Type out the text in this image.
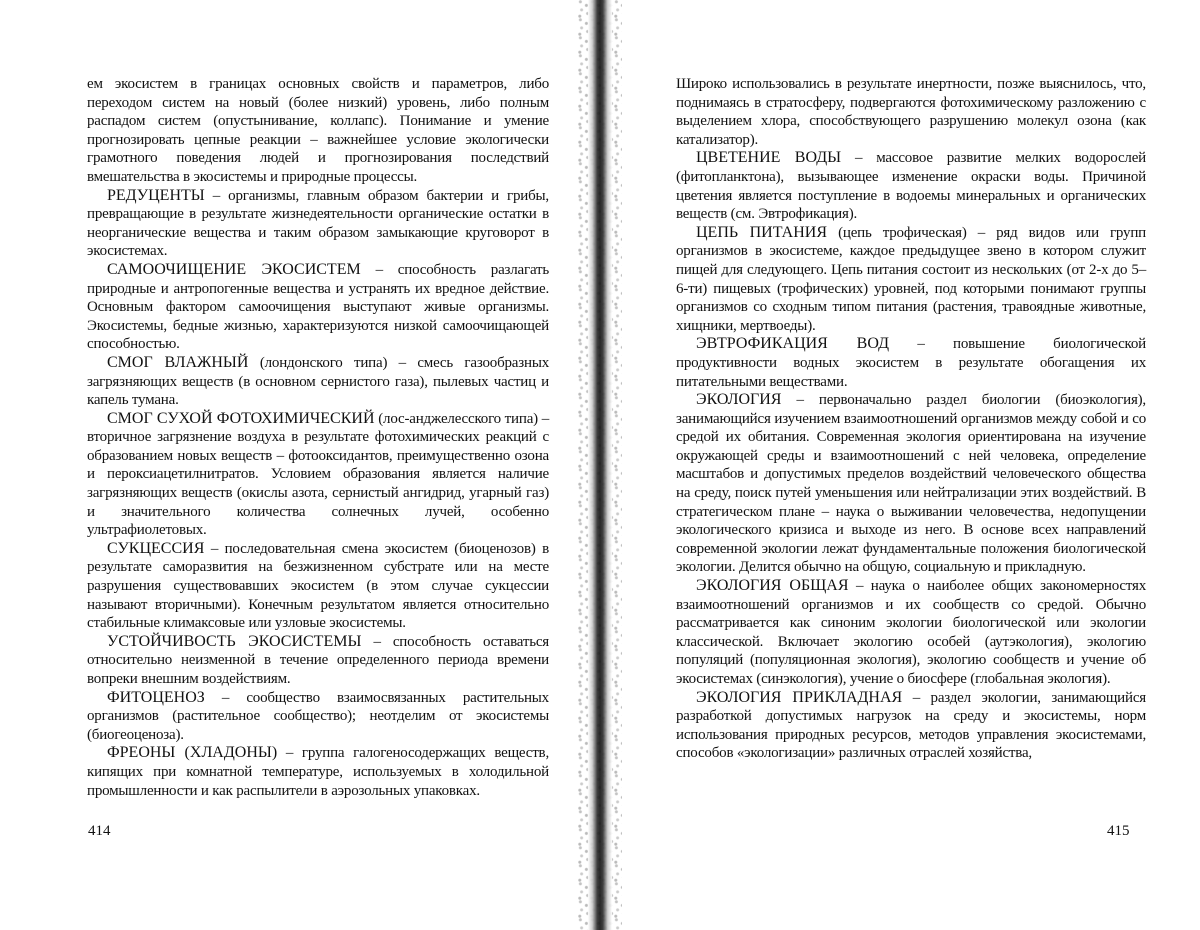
ем экосистем в границах основных свойств и параметров, либо переходом систем на новый (более низкий) уровень, либо полным распадом систем (опустынивание, коллапс). Понимание и умение прогнозировать цепные реакции – важнейшее условие экологически грамотного поведения людей и прогнозирования последствий вмешательства в экосистемы и природные процессы.

РЕДУЦЕНТЫ – организмы, главным образом бактерии и грибы, превращающие в результате жизнедеятельности органические остатки в неорганические вещества и таким образом замыкающие круговорот в экосистемах.

САМООЧИЩЕНИЕ ЭКОСИСТЕМ – способность разлагать природные и антропогенные вещества и устранять их вредное действие. Основным фактором самоочищения выступают живые организмы. Экосистемы, бедные жизнью, характеризуются низкой самоочищающей способностью.

СМОГ ВЛАЖНЫЙ (лондонского типа) – смесь газообразных загрязняющих веществ (в основном сернистого газа), пылевых частиц и капель тумана.

СМОГ СУХОЙ ФОТОХИМИЧЕСКИЙ (лос-анджелесского типа) – вторичное загрязнение воздуха в результате фотохимических реакций с образованием новых веществ – фотооксидантов, преимущественно озона и пероксиацетилнитратов. Условием образования является наличие загрязняющих веществ (окислы азота, сернистый ангидрид, угарный газ) и значительного количества солнечных лучей, особенно ультрафиолетовых.

СУКЦЕССИЯ – последовательная смена экосистем (биоценозов) в результате саморазвития на безжизненном субстрате или на месте разрушения существовавших экосистем (в этом случае сукцессии называют вторичными). Конечным результатом является относительно стабильные климаксовые или узловые экосистемы.

УСТОЙЧИВОСТЬ ЭКОСИСТЕМЫ – способность оставаться относительно неизменной в течение определенного периода времени вопреки внешним воздействиям.

ФИТОЦЕНОЗ – сообщество взаимосвязанных растительных организмов (растительное сообщество); неотделим от экосистемы (биогеоценоза).

ФРЕОНЫ (ХЛАДОНЫ) – группа галогеносодержащих веществ, кипящих при комнатной температуре, используемых в холодильной промышленности и как распылители в аэрозольных упаковках.

414

Широко использовались в результате инертности, позже выяснилось, что, поднимаясь в стратосферу, подвергаются фотохимическому разложению с выделением хлора, способствующего разрушению молекул озона (как катализатор).

ЦВЕТЕНИЕ ВОДЫ – массовое развитие мелких водорослей (фитопланктона), вызывающее изменение окраски воды. Причиной цветения является поступление в водоемы минеральных и органических веществ (см. Эвтрофикация).

ЦЕПЬ ПИТАНИЯ (цепь трофическая) – ряд видов или групп организмов в экосистеме, каждое предыдущее звено в котором служит пищей для следующего. Цепь питания состоит из нескольких (от 2-х до 5–6-ти) пищевых (трофических) уровней, под которыми понимают группы организмов со сходным типом питания (растения, травоядные животные, хищники, мертвоеды).

ЭВТРОФИКАЦИЯ ВОД – повышение биологической продуктивности водных экосистем в результате обогащения их питательными веществами.

ЭКОЛОГИЯ – первоначально раздел биологии (биоэкология), занимающийся изучением взаимоотношений организмов между собой и со средой их обитания. Современная экология ориентирована на изучение окружающей среды и взаимоотношений с ней человека, определение масштабов и допустимых пределов воздействий человеческого общества на среду, поиск путей уменьшения или нейтрализации этих воздействий. В стратегическом плане – наука о выживании человечества, недопущении экологического кризиса и выходе из него. В основе всех направлений современной экологии лежат фундаментальные положения биологической экологии. Делится обычно на общую, социальную и прикладную.

ЭКОЛОГИЯ ОБЩАЯ – наука о наиболее общих закономерностях взаимоотношений организмов и их сообществ со средой. Обычно рассматривается как синоним экологии биологической или экологии классической. Включает экологию особей (аутэкология), экологию популяций (популяционная экология), экологию сообществ и учение об экосистемах (синэкология), учение о биосфере (глобальная экология).

ЭКОЛОГИЯ ПРИКЛАДНАЯ – раздел экологии, занимающийся разработкой допустимых нагрузок на среду и экосистемы, норм использования природных ресурсов, методов управления экосистемами, способов «экологизации» различных отраслей хозяйства,

415
